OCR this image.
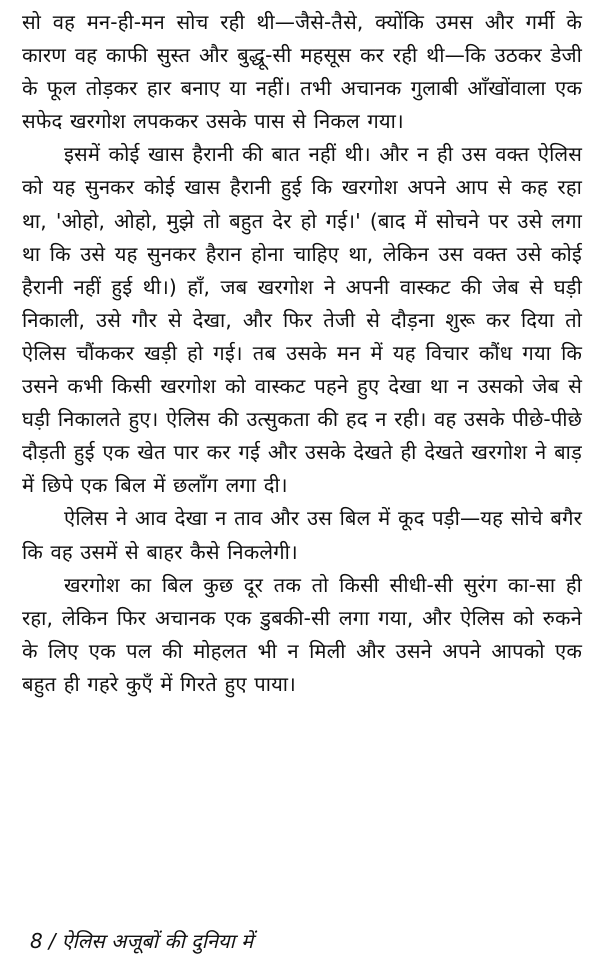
सो वह मन-ही-मन सोच रही थी—जैसे-तैसे, क्योंकि उमस और गर्मी के कारण वह काफी सुस्त और बुद्धू-सी महसूस कर रही थी—कि उठकर डेजी के फूल तोड़कर हार बनाए या नहीं। तभी अचानक गुलाबी आँखोंवाला एक सफेद खरगोश लपककर उसके पास से निकल गया।

इसमें कोई खास हैरानी की बात नहीं थी। और न ही उस वक्त ऐलिस को यह सुनकर कोई खास हैरानी हुई कि खरगोश अपने आप से कह रहा था, 'ओहो, ओहो, मुझे तो बहुत देर हो गई।' (बाद में सोचने पर उसे लगा था कि उसे यह सुनकर हैरान होना चाहिए था, लेकिन उस वक्त उसे कोई हैरानी नहीं हुई थी।) हाँ, जब खरगोश ने अपनी वास्कट की जेब से घड़ी निकाली, उसे गौर से देखा, और फिर तेजी से दौड़ना शुरू कर दिया तो ऐलिस चौंककर खड़ी हो गई। तब उसके मन में यह विचार कौंध गया कि उसने कभी किसी खरगोश को वास्कट पहने हुए देखा था न उसको जेब से घड़ी निकालते हुए। ऐलिस की उत्सुकता की हद न रही। वह उसके पीछे-पीछे दौड़ती हुई एक खेत पार कर गई और उसके देखते ही देखते खरगोश ने बाड़ में छिपे एक बिल में छलाँग लगा दी।

ऐलिस ने आव देखा न ताव और उस बिल में कूद पड़ी—यह सोचे बगैर कि वह उसमें से बाहर कैसे निकलेगी।

खरगोश का बिल कुछ दूर तक तो किसी सीधी-सी सुरंग का-सा ही रहा, लेकिन फिर अचानक एक डुबकी-सी लगा गया, और ऐलिस को रुकने के लिए एक पल की मोहलत भी न मिली और उसने अपने आपको एक बहुत ही गहरे कुएँ में गिरते हुए पाया।

8 / ऐलिस अजूबों की दुनिया में
